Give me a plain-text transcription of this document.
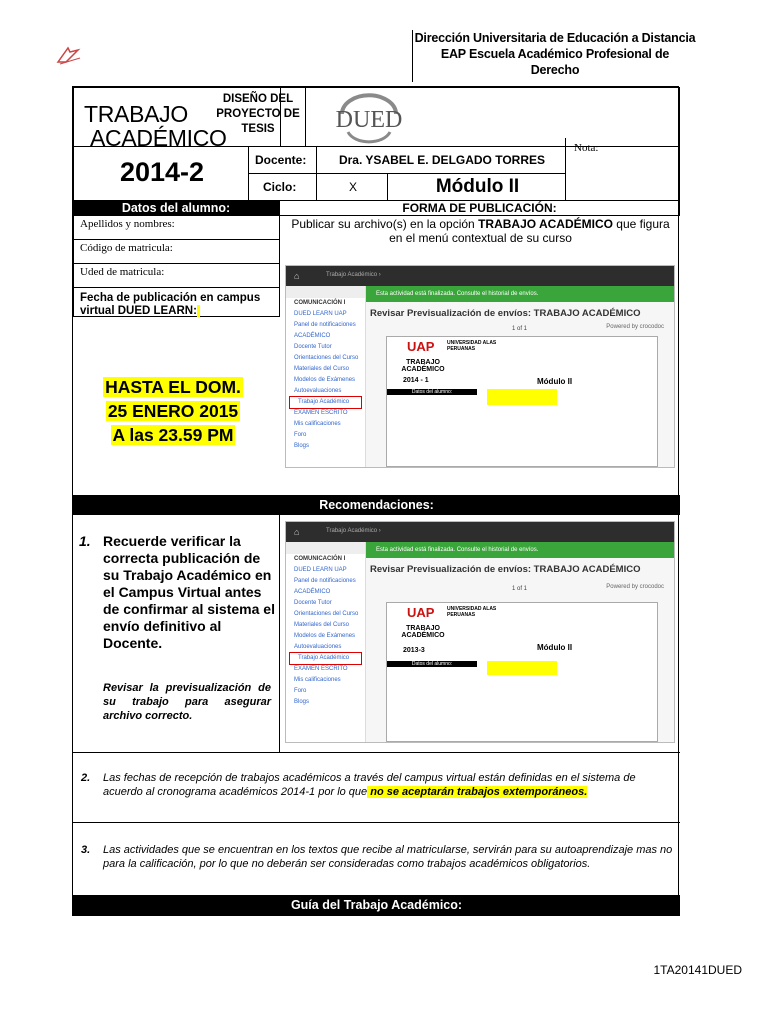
Dirección Universitaria de Educación a Distancia
EAP Escuela Académico Profesional de
Derecho
TRABAJO
ACADÉMICO
DISEÑO DEL PROYECTO DE TESIS	DUED
2014-2	Docente:	Dra. YSABEL E. DELGADO TORRES
Nota:
Ciclo:	X	Módulo II
Datos del alumno:	FORMA DE PUBLICACIÓN:
Apellidos y nombres:
Código de matricula:
Uded de matricula:
Fecha de publicación en campus virtual DUED LEARN:
HASTA EL DOM.
25 ENERO 2015
A las 23.59 PM
Publicar su archivo(s) en la opción TRABAJO ACADÉMICO que figura en el menú contextual de su curso
⌂	Trabajo Académico ›
COMUNICACIÓN I
DUED LEARN UAP
Panel de notificaciones
ACADÉMICO
Docente Tutor
Orientaciones del Curso
Materiales del Curso
Modelos de Exámenes
Autoevaluaciones
Trabajo Académico
EXAMEN ESCRITO
Mis calificaciones
Foro
Blogs
Esta actividad está finalizada. Consulte el historial de envíos.
Revisar Previsualización de envíos: TRABAJO ACADÉMICO
1 of 1	Powered by crocodoc
UAP	UNIVERSIDAD ALAS PERUANAS
TRABAJO ACADÉMICO
2014 - 1	Módulo II
Datos del alumno:
Recomendaciones:
1. Recuerde verificar la correcta publicación de su Trabajo Académico en el Campus Virtual antes de confirmar al sistema el envío definitivo al Docente.
Revisar la previsualización de su trabajo para asegurar archivo correcto.
⌂	Trabajo Académico ›
COMUNICACIÓN I
DUED LEARN UAP
Panel de notificaciones
ACADÉMICO
Docente Tutor
Orientaciones del Curso
Materiales del Curso
Modelos de Exámenes
Autoevaluaciones
Trabajo Académico
EXAMEN ESCRITO
Mis calificaciones
Foro
Blogs
Esta actividad está finalizada. Consulte el historial de envíos.
Revisar Previsualización de envíos: TRABAJO ACADÉMICO
1 of 1	Powered by crocodoc
UAP	UNIVERSIDAD ALAS PERUANAS
TRABAJO ACADÉMICO
2013-3	Módulo II
Datos del alumno:
2. Las fechas de recepción de trabajos académicos a través del campus virtual están definidas en el sistema de acuerdo al cronograma académicos 2014-1 por lo que no se aceptarán trabajos extemporáneos.
3. Las actividades que se encuentran en los textos que recibe al matricularse, servirán para su autoaprendizaje mas no para la calificación, por lo que no deberán ser consideradas como trabajos académicos obligatorios.
Guía del Trabajo Académico:
1TA20141DUED
